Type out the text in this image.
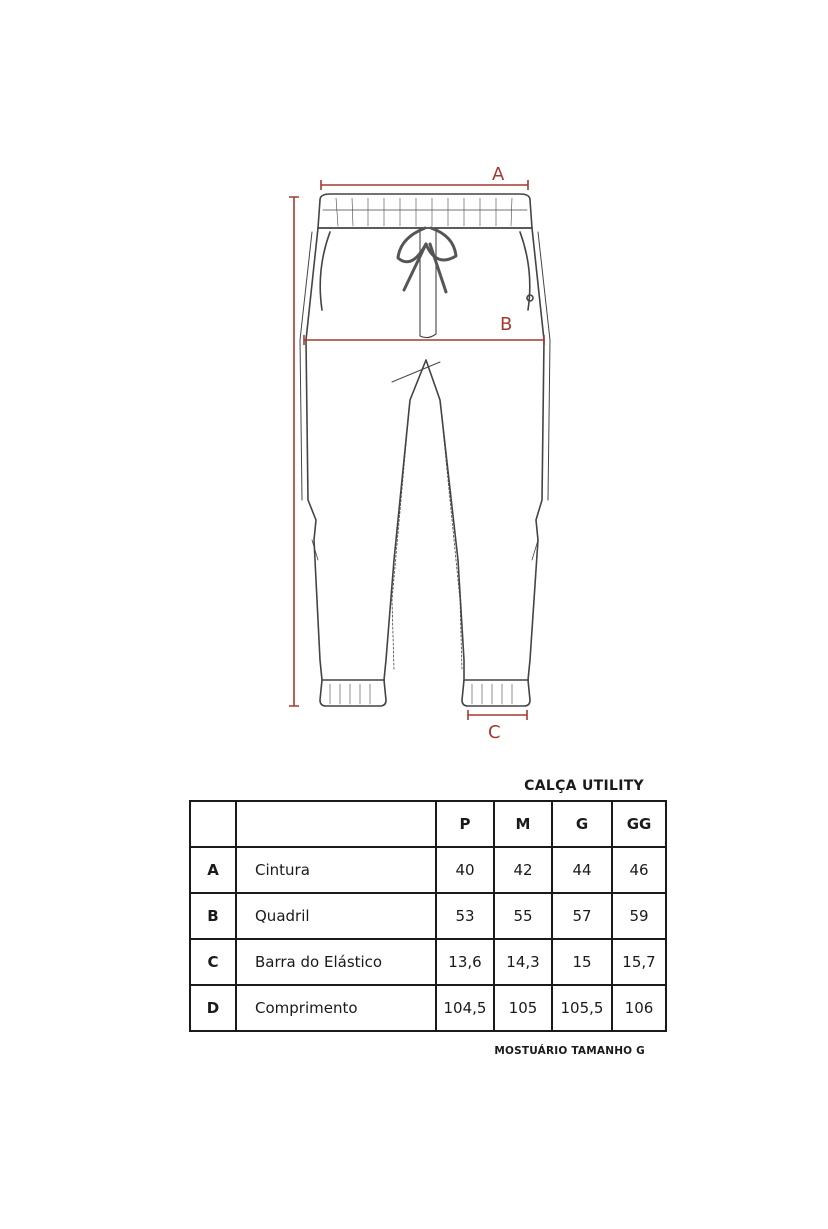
A
B
C
CALÇA UTILITY
		P	M	G	GG
A	Cintura	40	42	44	46
B	Quadril	53	55	57	59
C	Barra do Elástico	13,6	14,3	15	15,7
D	Comprimento	104,5	105	105,5	106
MOSTUÁRIO TAMANHO G
